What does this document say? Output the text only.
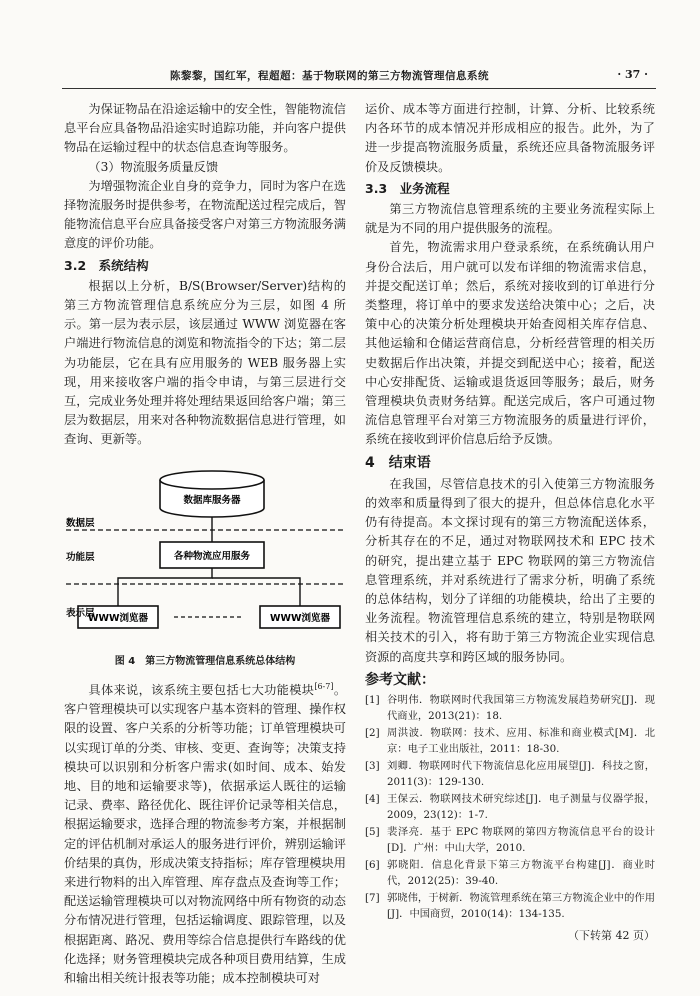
陈黎黎，国红军，程超超：基于物联网的第三方物流管理信息系统	· 37 ·

为保证物品在沿途运输中的安全性，智能物流信息平台应具备物品沿途实时追踪功能，并向客户提供物品在运输过程中的状态信息查询等服务。

（3）物流服务质量反馈

为增强物流企业自身的竞争力，同时为客户在选择物流服务时提供参考，在物流配送过程完成后，智能物流信息平台应具备接受客户对第三方物流服务满意度的评价功能。

3.2　系统结构

根据以上分析，B/S(Browser/Server)结构的第三方物流管理信息系统应分为三层，如图 4 所示。第一层为表示层，该层通过 WWW 浏览器在客户端进行物流信息的浏览和物流指令的下达；第二层为功能层，它在具有应用服务的 WEB 服务器上实现，用来接收客户端的指令申请，与第三层进行交互，完成业务处理并将处理结果返回给客户端；第三层为数据层，用来对各种物流数据信息进行管理，如查询、更新等。

数据库服务器
各种物流应用服务
WWW浏览器	WWW浏览器
数据层
功能层
表示层

图 4　第三方物流管理信息系统总体结构

具体来说，该系统主要包括七大功能模块[6-7]。客户管理模块可以实现客户基本资料的管理、操作权限的设置、客户关系的分析等功能；订单管理模块可以实现订单的分类、审核、变更、查询等；决策支持模块可以识别和分析客户需求(如时间、成本、始发地、目的地和运输要求等)，依据承运人既往的运输记录、费率、路径优化、既往评价记录等相关信息，根据运输要求，选择合理的物流参考方案，并根据制定的评估机制对承运人的服务进行评价，辨别运输评价结果的真伪，形成决策支持指标；库存管理模块用来进行物料的出入库管理、库存盘点及查询等工作；配送运输管理模块可以对物流网络中所有物资的动态分布情况进行管理，包括运输调度、跟踪管理，以及根据距离、路况、费用等综合信息提供行车路线的优化选择；财务管理模块完成各种项目费用结算，生成和输出相关统计报表等功能；成本控制模块可对

运价、成本等方面进行控制，计算、分析、比较系统内各环节的成本情况并形成相应的报告。此外，为了进一步提高物流服务质量，系统还应具备物流服务评价及反馈模块。

3.3　业务流程

第三方物流信息管理系统的主要业务流程实际上就是为不同的用户提供服务的流程。

首先，物流需求用户登录系统，在系统确认用户身份合法后，用户就可以发布详细的物流需求信息，并提交配送订单；然后，系统对接收到的订单进行分类整理，将订单中的要求发送给决策中心；之后，决策中心的决策分析处理模块开始查阅相关库存信息、其他运输和仓储运营商信息，分析经营管理的相关历史数据后作出决策，并提交到配送中心；接着，配送中心安排配货、运输或退货返回等服务；最后，财务管理模块负责财务结算。配送完成后，客户可通过物流信息管理平台对第三方物流服务的质量进行评价，系统在接收到评价信息后给予反馈。

4　结束语

在我国，尽管信息技术的引入使第三方物流服务的效率和质量得到了很大的提升，但总体信息化水平仍有待提高。本文探讨现有的第三方物流配送体系，分析其存在的不足，通过对物联网技术和 EPC 技术的研究，提出建立基于 EPC 物联网的第三方物流信息管理系统，并对系统进行了需求分析，明确了系统的总体结构，划分了详细的功能模块，给出了主要的业务流程。物流管理信息系统的建立，特别是物联网相关技术的引入，将有助于第三方物流企业实现信息资源的高度共享和跨区域的服务协同。

参考文献：
[1] 谷明伟．物联网时代我国第三方物流发展趋势研究[J]．现代商业，2013(21)：18.
[2] 周洪波．物联网：技术、应用、标准和商业模式[M]．北京：电子工业出版社，2011：18-30.
[3] 刘卿．物联网时代下物流信息化应用展望[J]．科技之窗，2011(3)：129-130.
[4] 王保云．物联网技术研究综述[J]．电子测量与仪器学报，2009，23(12)：1-7.
[5] 裴泽亮．基于 EPC 物联网的第四方物流信息平台的设计[D]．广州：中山大学，2010.
[6] 郭晓阳．信息化背景下第三方物流平台构建[J]．商业时代，2012(25)：39-40.
[7] 郭晓伟，于树新．物流管理系统在第三方物流企业中的作用[J]．中国商贸，2010(14)：134-135.
（下转第 42 页）
